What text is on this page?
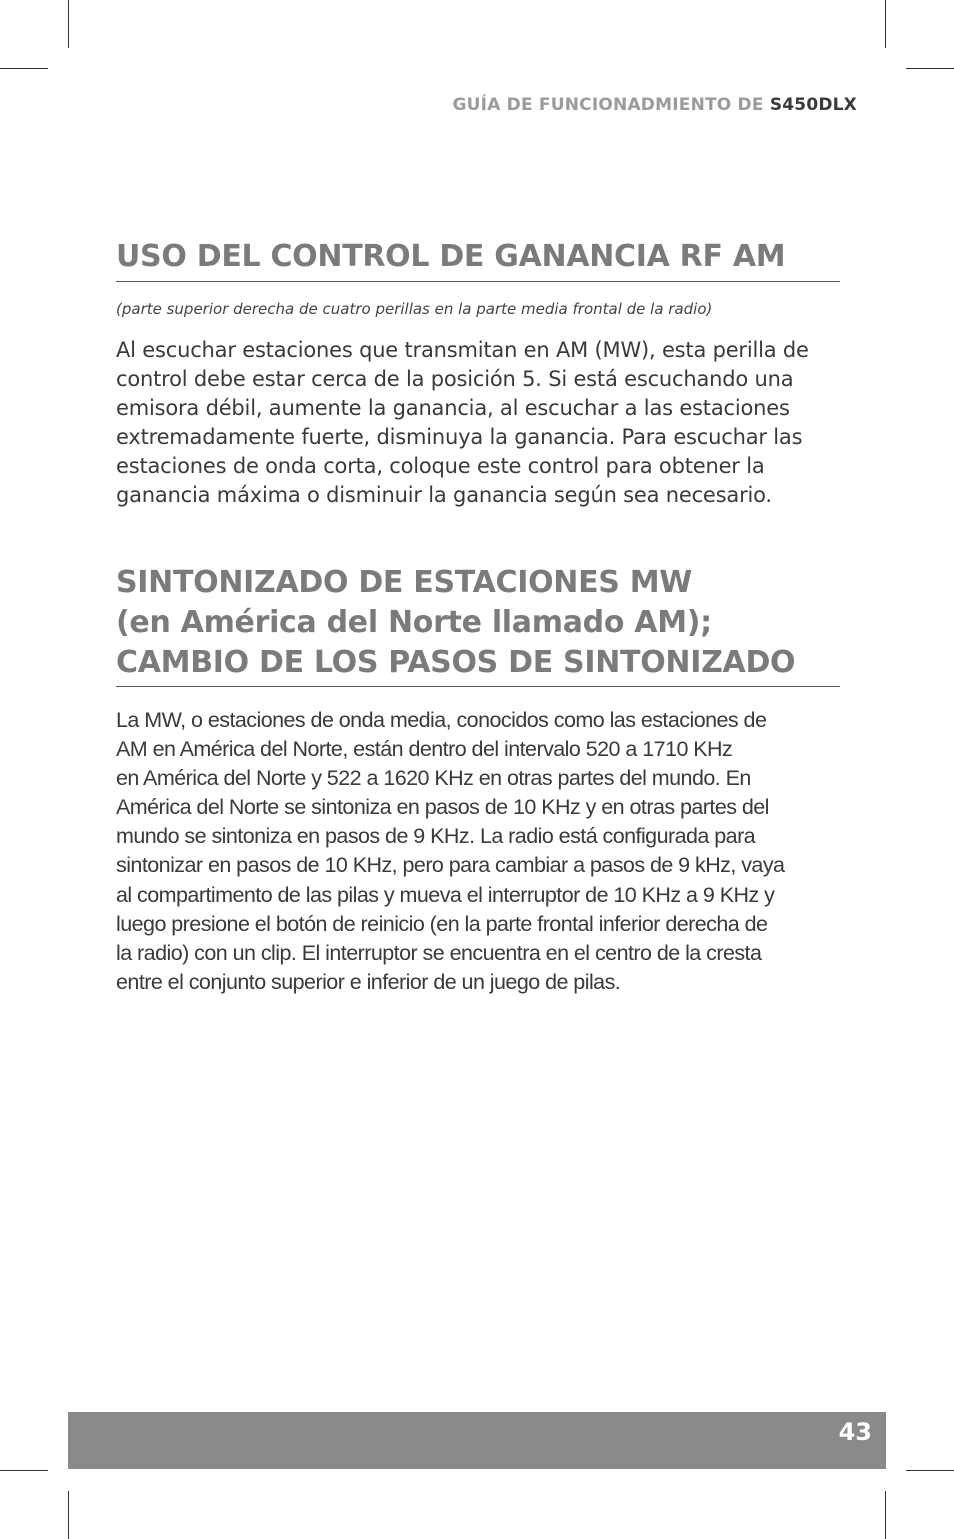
GUÍA DE FUNCIONADMIENTO DE S450DLX
USO DEL CONTROL DE GANANCIA RF AM
(parte superior derecha de cuatro perillas en la parte media frontal de la radio)
Al escuchar estaciones que transmitan en AM (MW), esta perilla de
control debe estar cerca de la posición 5. Si está escuchando una
emisora débil, aumente la ganancia, al escuchar a las estaciones
extremadamente fuerte, disminuya la ganancia. Para escuchar las
estaciones de onda corta, coloque este control para obtener la
ganancia máxima o disminuir la ganancia según sea necesario.
SINTONIZADO DE ESTACIONES MW
(en América del Norte llamado AM);
CAMBIO DE LOS PASOS DE SINTONIZADO
La MW, o estaciones de onda media, conocidos como las estaciones de
AM en América del Norte, están dentro del intervalo 520 a 1710 KHz
en América del Norte y 522 a 1620 KHz en otras partes del mundo. En
América del Norte se sintoniza en pasos de 10 KHz y en otras partes del
mundo se sintoniza en pasos de 9 KHz. La radio está configurada para
sintonizar en pasos de 10 KHz, pero para cambiar a pasos de 9 kHz, vaya
al compartimento de las pilas y mueva el interruptor de 10 KHz a 9 KHz y
luego presione el botón de reinicio (en la parte frontal inferior derecha de
la radio) con un clip. El interruptor se encuentra en el centro de la cresta
entre el conjunto superior e inferior de un juego de pilas.
43
